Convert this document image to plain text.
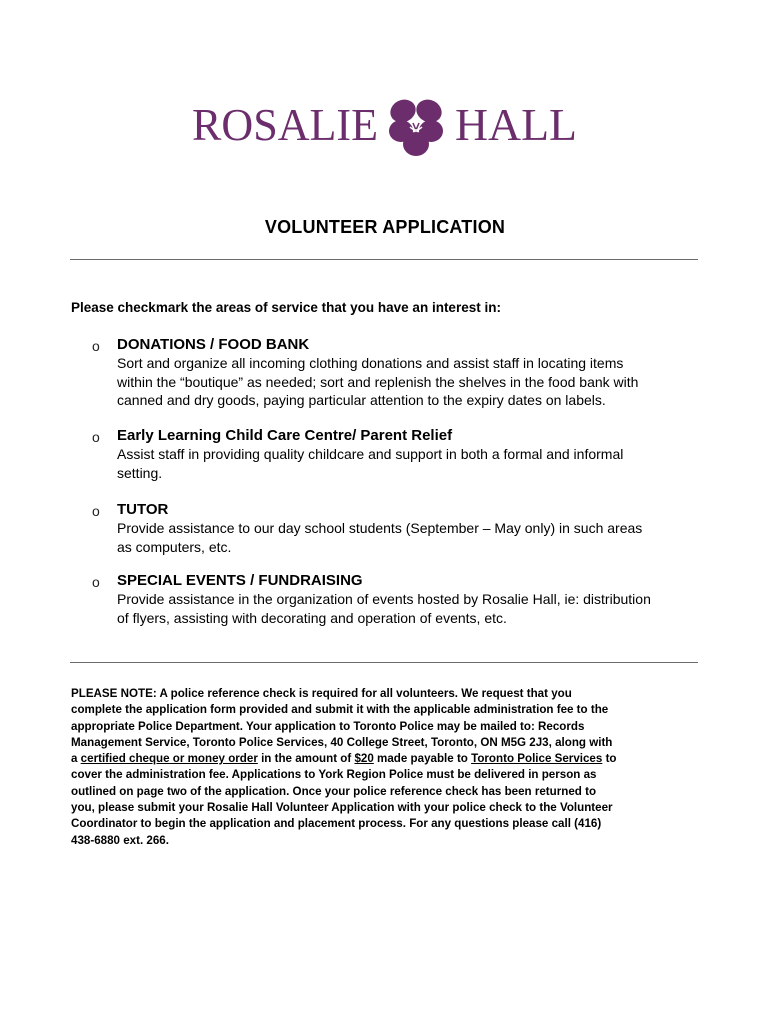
ROSALIE HALL
VOLUNTEER APPLICATION
Please checkmark the areas of service that you have an interest in:
o DONATIONS / FOOD BANK
Sort and organize all incoming clothing donations and assist staff in locating items
within the “boutique” as needed; sort and replenish the shelves in the food bank with
canned and dry goods, paying particular attention to the expiry dates on labels.
o Early Learning Child Care Centre/ Parent Relief
Assist staff in providing quality childcare and support in both a formal and informal
setting.
o TUTOR
Provide assistance to our day school students (September – May only) in such areas
as computers, etc.
o SPECIAL EVENTS / FUNDRAISING
Provide assistance in the organization of events hosted by Rosalie Hall, ie: distribution
of flyers, assisting with decorating and operation of events, etc.
PLEASE NOTE: A police reference check is required for all volunteers. We request that you
complete the application form provided and submit it with the applicable administration fee to the
appropriate Police Department. Your application to Toronto Police may be mailed to: Records
Management Service, Toronto Police Services, 40 College Street, Toronto, ON M5G 2J3, along with
a certified cheque or money order in the amount of $20 made payable to Toronto Police Services to
cover the administration fee. Applications to York Region Police must be delivered in person as
outlined on page two of the application. Once your police reference check has been returned to
you, please submit your Rosalie Hall Volunteer Application with your police check to the Volunteer
Coordinator to begin the application and placement process. For any questions please call (416)
438-6880 ext. 266.
